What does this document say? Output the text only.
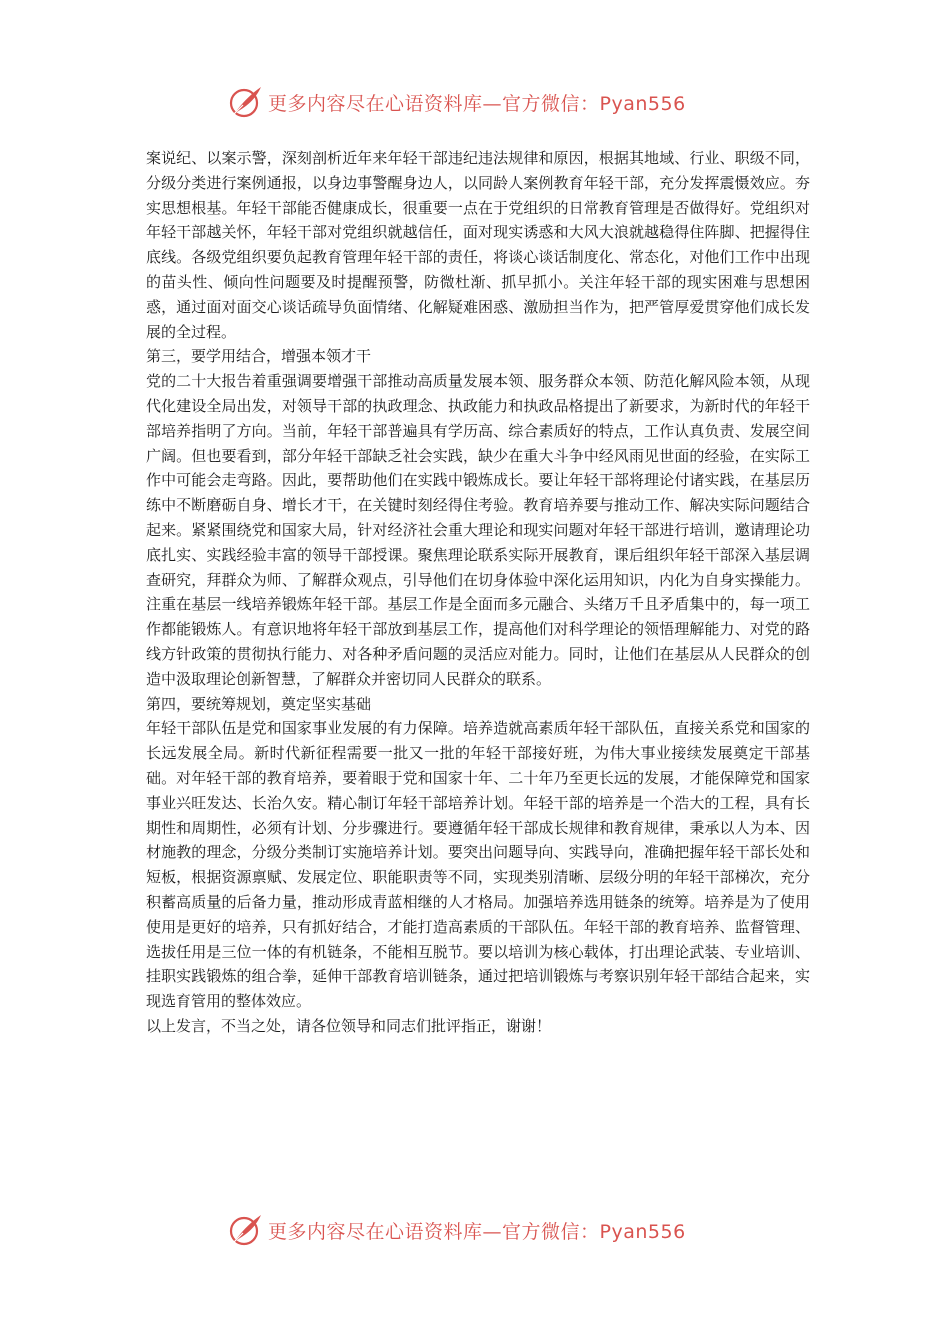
更多内容尽在心语资料库—官方微信：Pyan556

案说纪、以案示警，深刻剖析近年来年轻干部违纪违法规律和原因，根据其地域、行业、职级不同，分级分类进行案例通报，以身边事警醒身边人，以同龄人案例教育年轻干部，充分发挥震慑效应。夯实思想根基。年轻干部能否健康成长，很重要一点在于党组织的日常教育管理是否做得好。党组织对年轻干部越关怀，年轻干部对党组织就越信任，面对现实诱惑和大风大浪就越稳得住阵脚、把握得住底线。各级党组织要负起教育管理年轻干部的责任，将谈心谈话制度化、常态化，对他们工作中出现的苗头性、倾向性问题要及时提醒预警，防微杜渐、抓早抓小。关注年轻干部的现实困难与思想困惑，通过面对面交心谈话疏导负面情绪、化解疑难困惑、激励担当作为，把严管厚爱贯穿他们成长发展的全过程。

第三，要学用结合，增强本领才干

党的二十大报告着重强调要增强干部推动高质量发展本领、服务群众本领、防范化解风险本领，从现代化建设全局出发，对领导干部的执政理念、执政能力和执政品格提出了新要求，为新时代的年轻干部培养指明了方向。当前，年轻干部普遍具有学历高、综合素质好的特点，工作认真负责、发展空间广阔。但也要看到，部分年轻干部缺乏社会实践，缺少在重大斗争中经风雨见世面的经验，在实际工作中可能会走弯路。因此，要帮助他们在实践中锻炼成长。要让年轻干部将理论付诸实践，在基层历练中不断磨砺自身、增长才干，在关键时刻经得住考验。教育培养要与推动工作、解决实际问题结合起来。紧紧围绕党和国家大局，针对经济社会重大理论和现实问题对年轻干部进行培训，邀请理论功底扎实、实践经验丰富的领导干部授课。聚焦理论联系实际开展教育，课后组织年轻干部深入基层调查研究，拜群众为师、了解群众观点，引导他们在切身体验中深化运用知识，内化为自身实操能力。注重在基层一线培养锻炼年轻干部。基层工作是全面而多元融合、头绪万千且矛盾集中的，每一项工作都能锻炼人。有意识地将年轻干部放到基层工作，提高他们对科学理论的领悟理解能力、对党的路线方针政策的贯彻执行能力、对各种矛盾问题的灵活应对能力。同时，让他们在基层从人民群众的创造中汲取理论创新智慧，了解群众并密切同人民群众的联系。

第四，要统筹规划，奠定坚实基础

年轻干部队伍是党和国家事业发展的有力保障。培养造就高素质年轻干部队伍，直接关系党和国家的长远发展全局。新时代新征程需要一批又一批的年轻干部接好班，为伟大事业接续发展奠定干部基础。对年轻干部的教育培养，要着眼于党和国家十年、二十年乃至更长远的发展，才能保障党和国家事业兴旺发达、长治久安。精心制订年轻干部培养计划。年轻干部的培养是一个浩大的工程，具有长期性和周期性，必须有计划、分步骤进行。要遵循年轻干部成长规律和教育规律，秉承以人为本、因材施教的理念，分级分类制订实施培养计划。要突出问题导向、实践导向，准确把握年轻干部长处和短板，根据资源禀赋、发展定位、职能职责等不同，实现类别清晰、层级分明的年轻干部梯次，充分积蓄高质量的后备力量，推动形成青蓝相继的人才格局。加强培养选用链条的统筹。培养是为了使用使用是更好的培养，只有抓好结合，才能打造高素质的干部队伍。年轻干部的教育培养、监督管理、选拔任用是三位一体的有机链条，不能相互脱节。要以培训为核心载体，打出理论武装、专业培训、挂职实践锻炼的组合拳，延伸干部教育培训链条，通过把培训锻炼与考察识别年轻干部结合起来，实现选育管用的整体效应。

以上发言，不当之处，请各位领导和同志们批评指正，谢谢！

更多内容尽在心语资料库—官方微信：Pyan556
